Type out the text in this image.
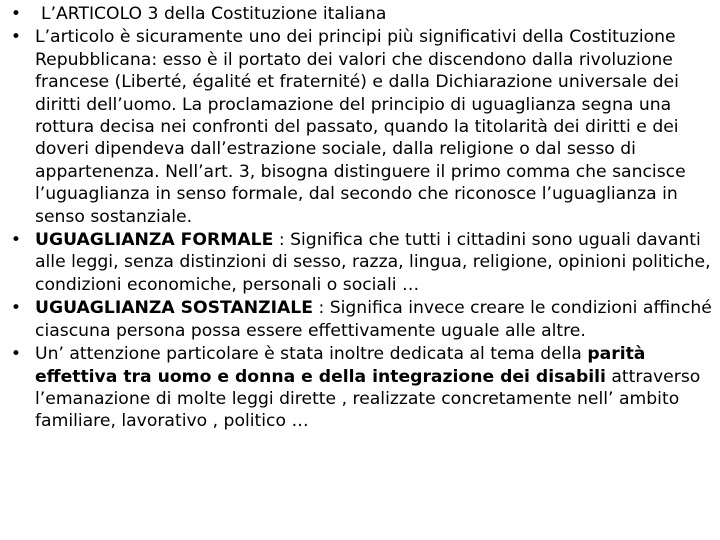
• L’ARTICOLO 3 della Costituzione italiana
• L’articolo è sicuramente uno dei principi più significativi della Costituzione Repubblicana: esso è il portato dei valori che discendono dalla rivoluzione francese (Liberté, égalité et fraternité) e dalla Dichiarazione universale dei diritti dell’uomo. La proclamazione del principio di uguaglianza segna una rottura decisa nei confronti del passato, quando la titolarità dei diritti e dei doveri dipendeva dall’estrazione sociale, dalla religione o dal sesso di appartenenza. Nell’art. 3, bisogna distinguere il primo comma che sancisce l’uguaglianza in senso formale, dal secondo che riconosce l’uguaglianza in senso sostanziale.
• UGUAGLIANZA FORMALE : Significa che tutti i cittadini sono uguali davanti alle leggi, senza distinzioni di sesso, razza, lingua, religione, opinioni politiche, condizioni economiche, personali o sociali …
• UGUAGLIANZA SOSTANZIALE : Significa invece creare le condizioni affinché ciascuna persona possa essere effettivamente uguale alle altre.
• Un’ attenzione particolare è stata inoltre dedicata al tema della parità effettiva tra uomo e donna e della integrazione dei disabili attraverso l’emanazione di molte leggi dirette , realizzate concretamente nell’ ambito familiare, lavorativo , politico …
